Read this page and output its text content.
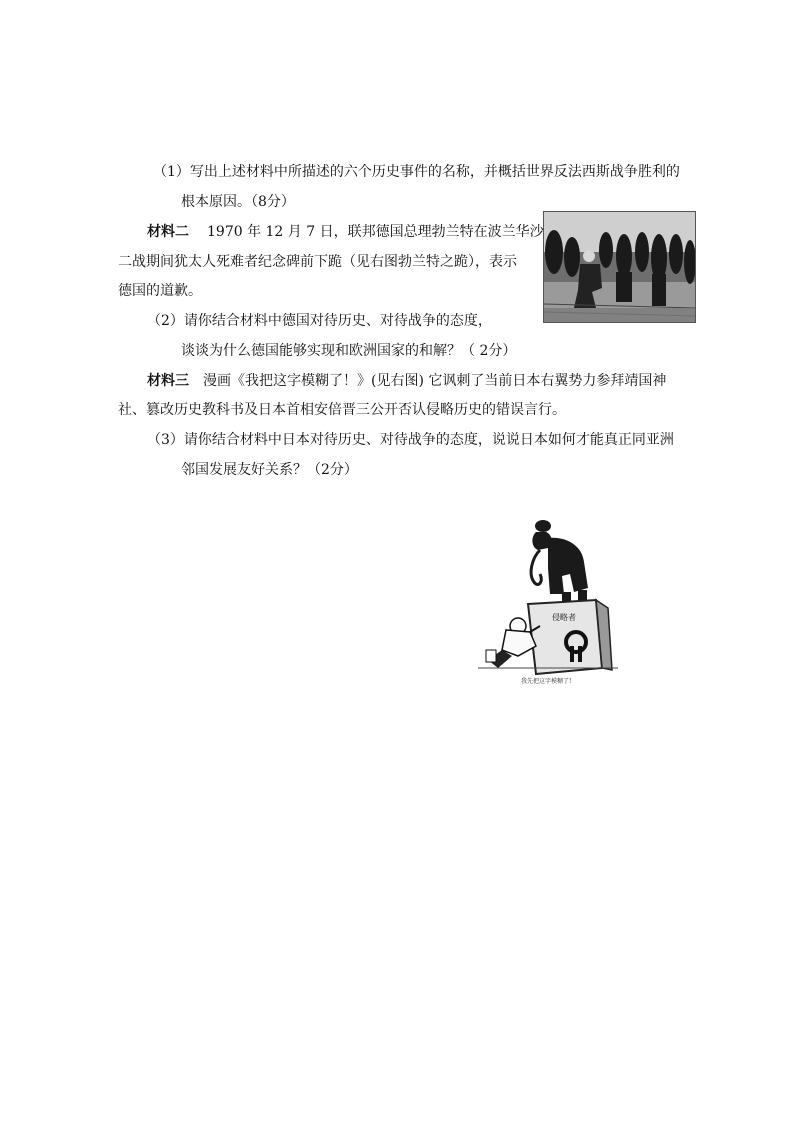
（1）写出上述材料中所描述的六个历史事件的名称，并概括世界反法西斯战争胜利的
根本原因。（8分）
材料二 1970 年 12 月 7 日，联邦德国总理勃兰特在波兰华沙
二战期间犹太人死难者纪念碑前下跪（见右图勃兰特之跪），表示
德国的道歉。
（2）请你结合材料中德国对待历史、对待战争的态度，
谈谈为什么德国能够实现和欧洲国家的和解？（ 2分）
材料三 漫画《我把这字模糊了！》(见右图) 它讽刺了当前日本右翼势力参拜靖国神
社、篡改历史教科书及日本首相安倍晋三公开否认侵略历史的错误言行。
（3）请你结合材料中日本对待历史、对待战争的态度，说说日本如何才能真正同亚洲
邻国发展友好关系？（2分）
侵略者
我先把这字模糊了!
